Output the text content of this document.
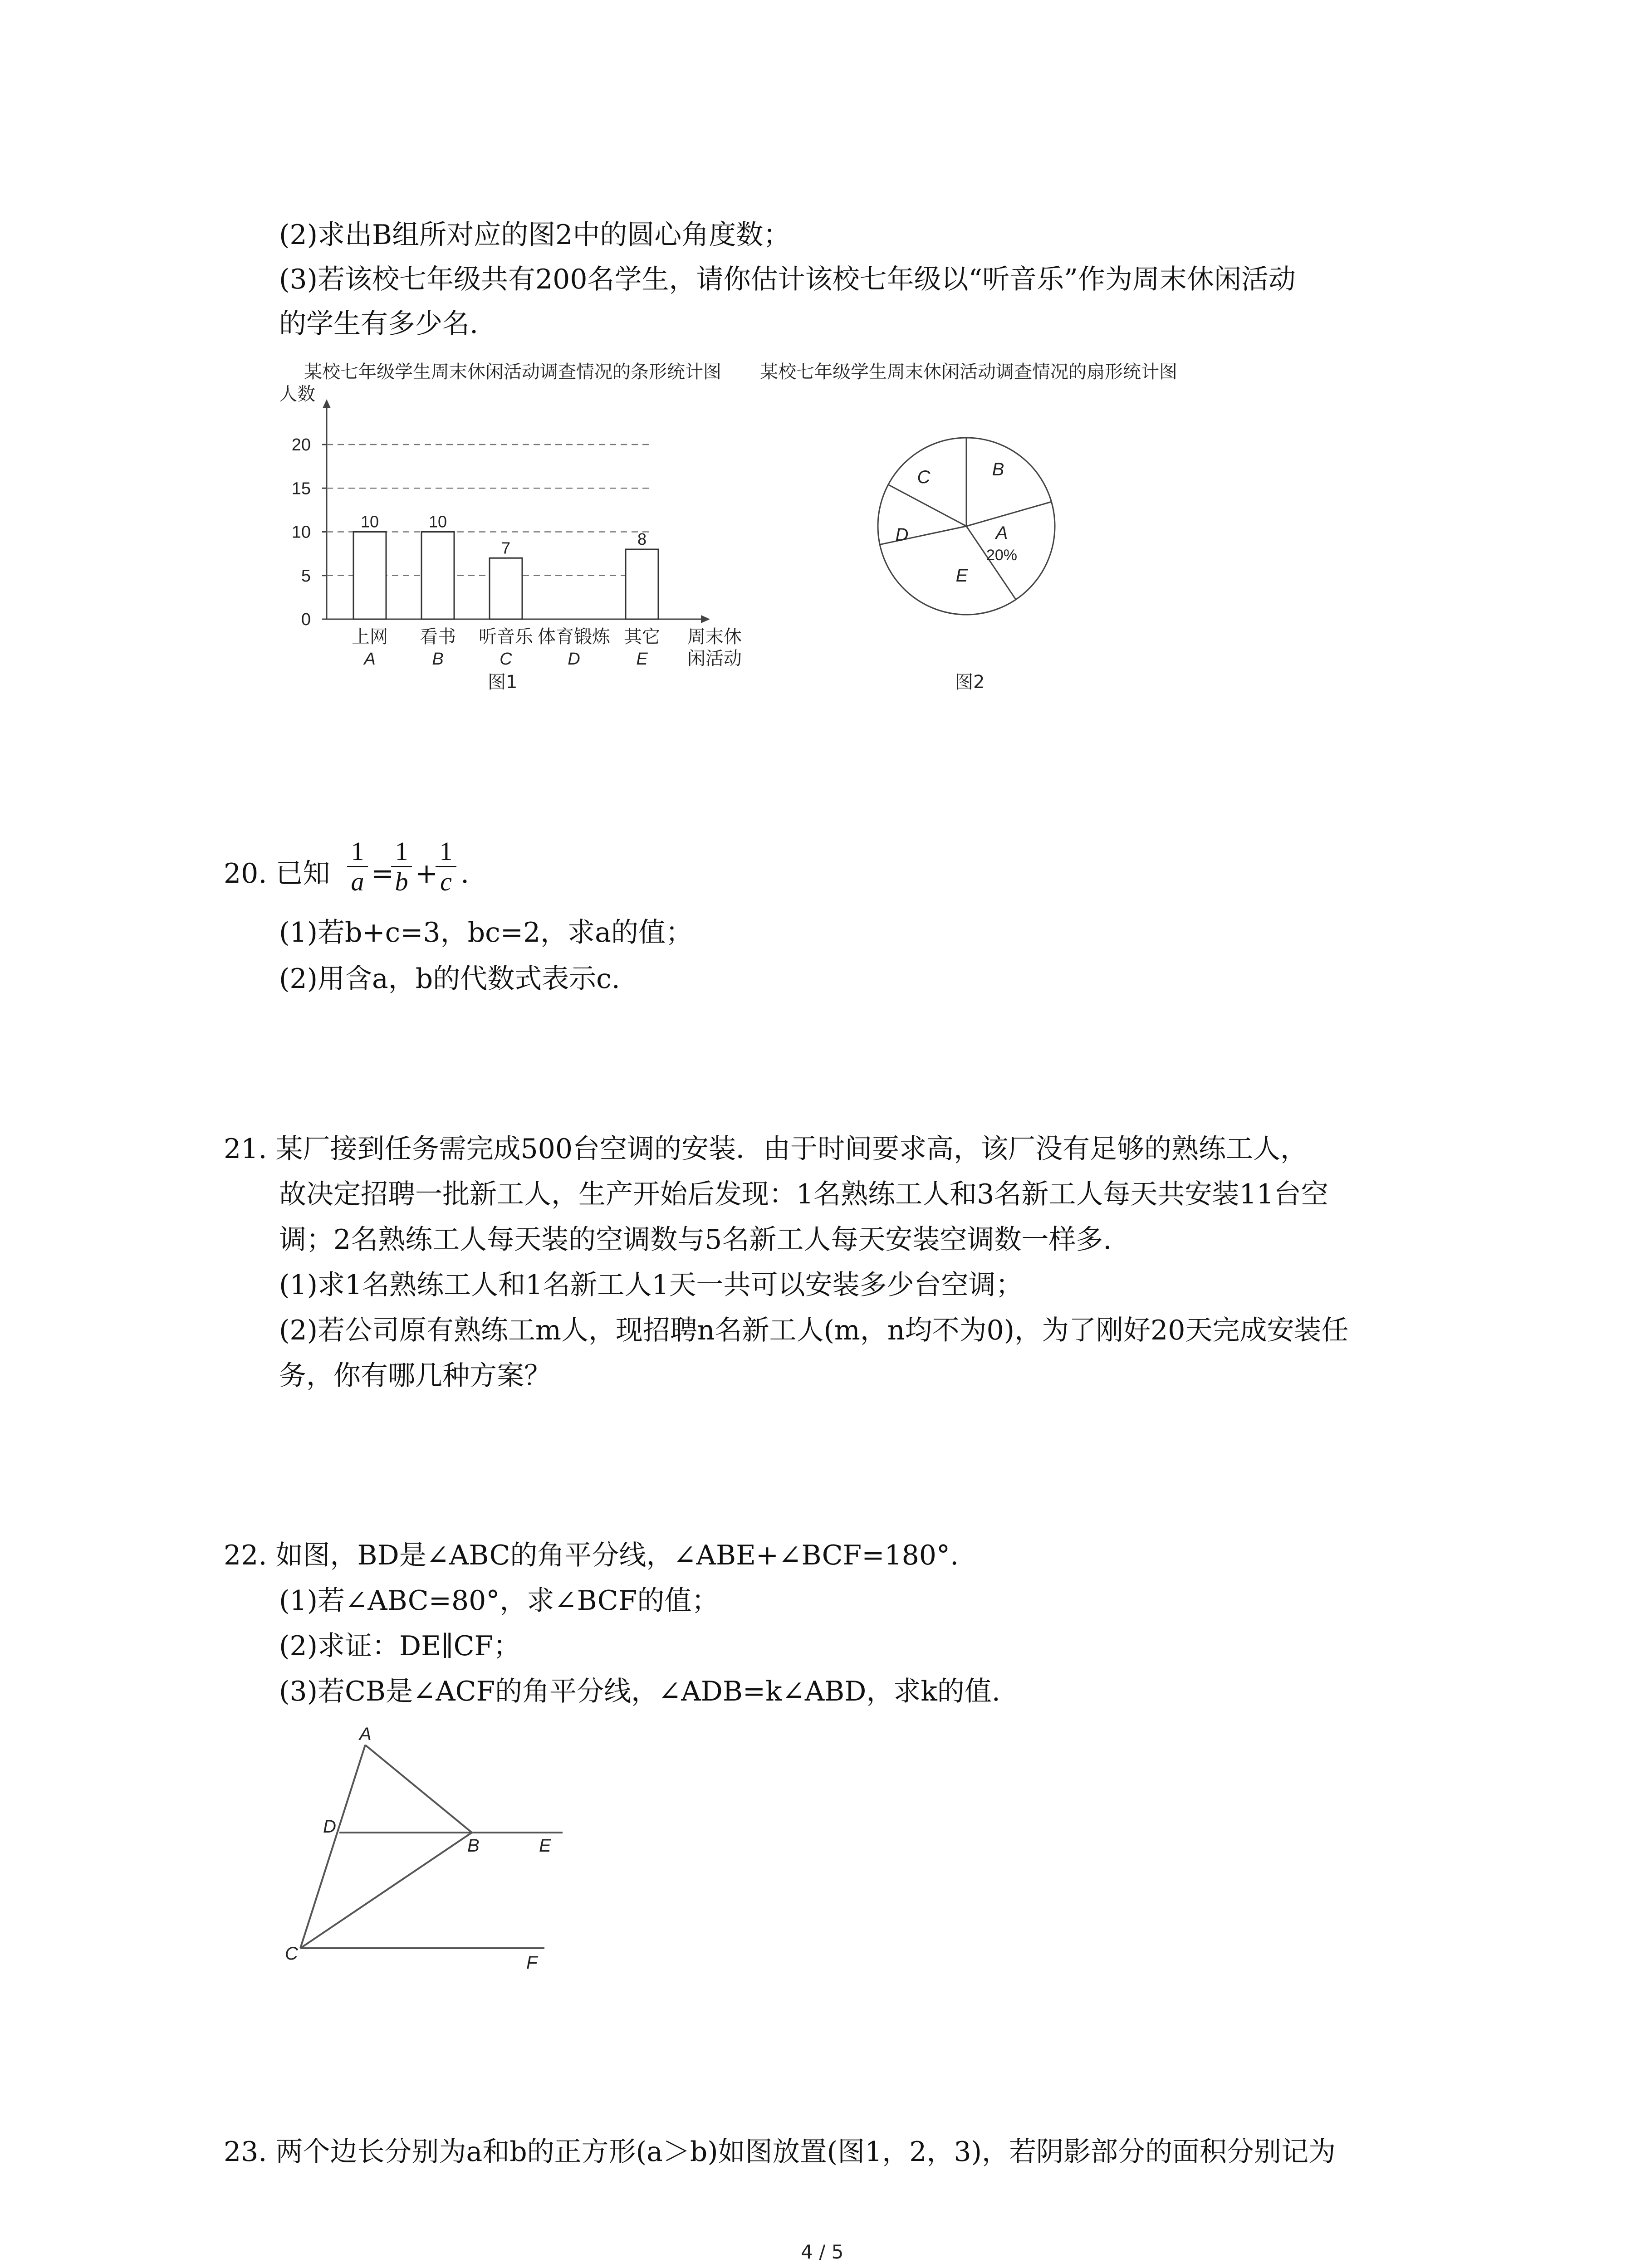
(2)求出B组所对应的图2中的圆心角度数；
(3)若该校七年级共有200名学生，请你估计该校七年级以“听音乐”作为周末休闲活动
的学生有多少名.
某校七年级学生周末休闲活动调查情况的条形统计图 某校七年级学生周末休闲活动调查情况的扇形统计图
人数
0
5
10
15
20
10
上网
A
10
看书
B
7
听音乐
C
体育锻炼
D
8
其它
E
周末休
闲活动
图1
B
A
E
D
C
20%
图2
20. 已知 $\frac{1}{a}$ =
$\frac{1}{b}$ +
$\frac{1}{c}$ .
(1)若b+c=3，bc=2，求a的值；
(2)用含a，b的代数式表示c.
21. 某厂接到任务需完成500台空调的安装．由于时间要求高，该厂没有足够的熟练工人，
故决定招聘一批新工人，生产开始后发现：1名熟练工人和3名新工人每天共安装11台空
调；2名熟练工人每天装的空调数与5名新工人每天安装空调数一样多.
(1)求1名熟练工人和1名新工人1天一共可以安装多少台空调；
(2)若公司原有熟练工m人，现招聘n名新工人(m，n均不为0)，为了刚好20天完成安装任
务，你有哪几种方案？
22. 如图，BD是∠ABC的角平分线，∠ABE+∠BCF=180°.
(1)若∠ABC=80°，求∠BCF的值；
(2)求证：DE∥CF；
(3)若CB是∠ACF的角平分线，∠ADB=k∠ABD，求k的值.
A
D
B	E
C	F
23. 两个边长分别为a和b的正方形(a＞b)如图放置(图1，2，3)，若阴影部分的面积分别记为
4 / 5
